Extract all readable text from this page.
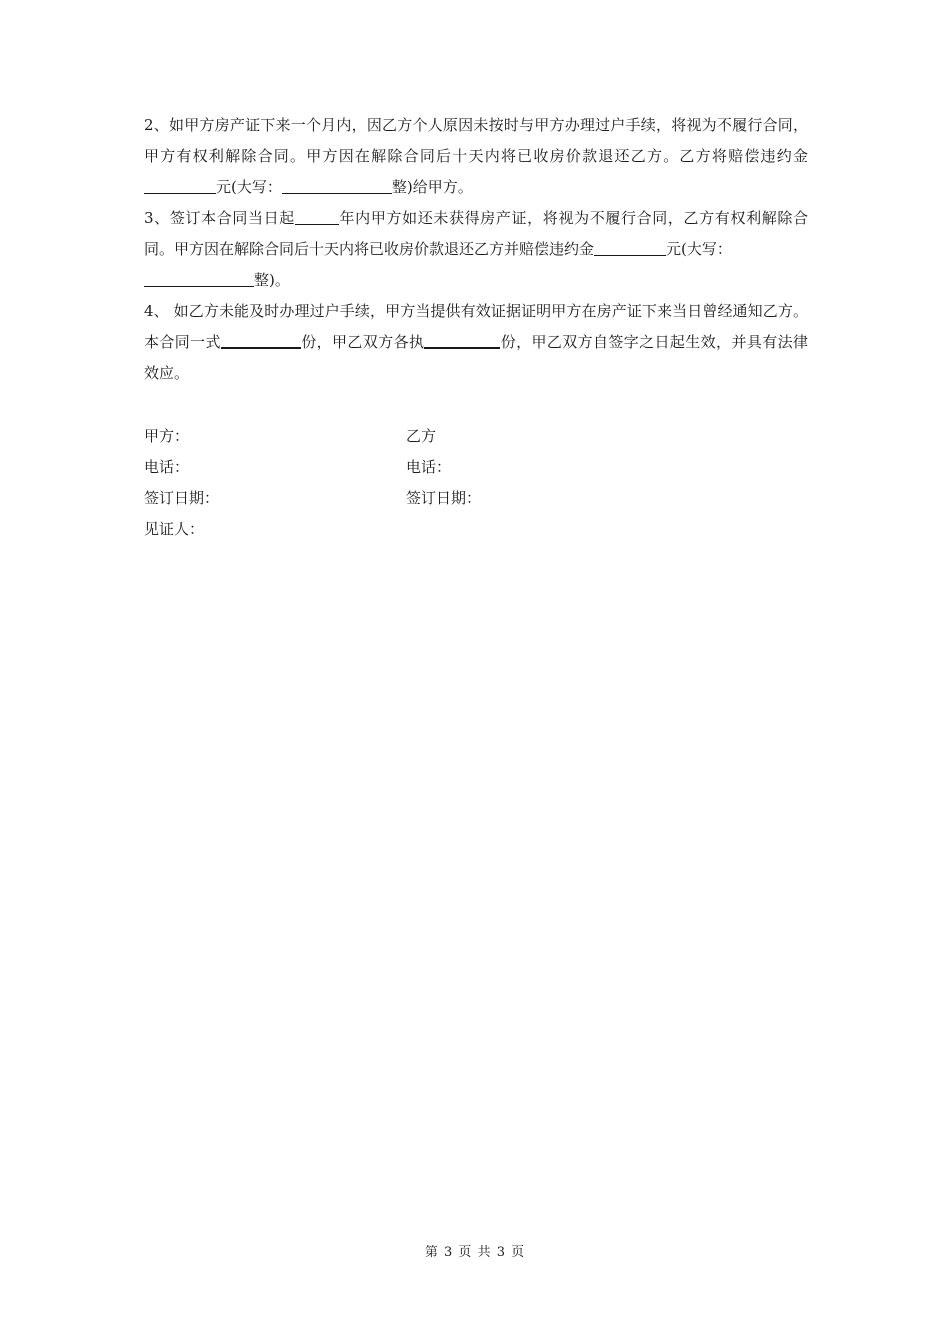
2、如甲方房产证下来一个月内，因乙方个人原因未按时与甲方办理过户手续，将视为不履行合同，甲方有权利解除合同。甲方因在解除合同后十天内将已收房价款退还乙方。乙方将赔偿违约金元(大写：	整)给甲方。

3、签订本合同当日起	年内甲方如还未获得房产证，将视为不履行合同，乙方有权利解除合同。甲方因在解除合同后十天内将已收房价款退还乙方并赔偿违约金	元(大写：
整)。

4、 如乙方未能及时办理过户手续，甲方当提供有效证据证明甲方在房产证下来当日曾经通知乙方。本合同一式	份，甲乙双方各执	份，甲乙双方自签字之日起生效，并具有法律效应。

甲方：	乙方
电话：	电话：
签订日期：	签订日期：
见证人：
第 3 页 共 3 页
